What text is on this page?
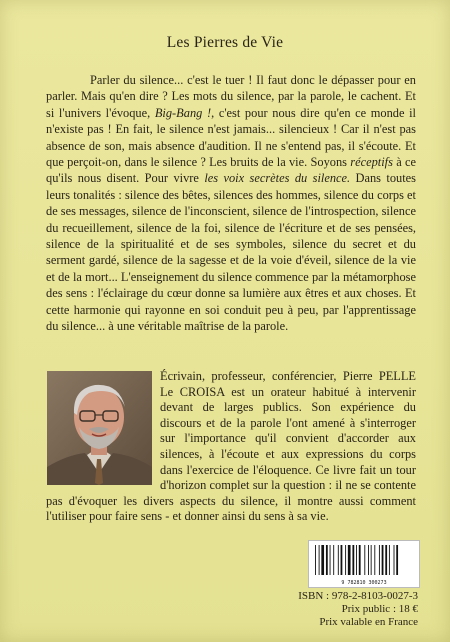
Les Pierres de Vie

Parler du silence... c'est le tuer ! Il faut donc le dépasser pour en parler. Mais qu'en dire ? Les mots du silence, par la parole, le cachent. Et si l'univers l'évoque, Big-Bang !, c'est pour nous dire qu'en ce monde il n'existe pas ! En fait, le silence n'est jamais... silencieux ! Car il n'est pas absence de son, mais absence d'audition. Il ne s'entend pas, il s'écoute. Et que perçoit-on, dans le silence ? Les bruits de la vie. Soyons réceptifs à ce qu'ils nous disent. Pour vivre les voix secrètes du silence. Dans toutes leurs tonalités : silence des bêtes, silences des hommes, silence du corps et de ses messages, silence de l'inconscient, silence de l'introspection, silence du recueillement, silence de la foi, silence de l'écriture et de ses pensées, silence de la spiritualité et de ses symboles, silence du secret et du serment gardé, silence de la sagesse et de la voie d'éveil, silence de la vie et de la mort... L'enseignement du silence commence par la métamorphose des sens : l'éclairage du cœur donne sa lumière aux êtres et aux choses. Et cette harmonie qui rayonne en soi conduit peu à peu, par l'apprentissage du silence... à une véritable maîtrise de la parole.

Écrivain, professeur, conférencier, Pierre PELLE Le CROISA est un orateur habitué à intervenir devant de larges publics. Son expérience du discours et de la parole l'ont amené à s'interroger sur l'importance qu'il convient d'accorder aux silences, à l'écoute et aux expressions du corps dans l'exercice de l'éloquence. Ce livre fait un tour d'horizon complet sur la question : il ne se contente pas d'évoquer les divers aspects du silence, il montre aussi comment l'utiliser pour faire sens - et donner ainsi du sens à sa vie.

9 782810 300273
ISBN : 978-2-8103-0027-3
Prix public : 18 €
Prix valable en France
